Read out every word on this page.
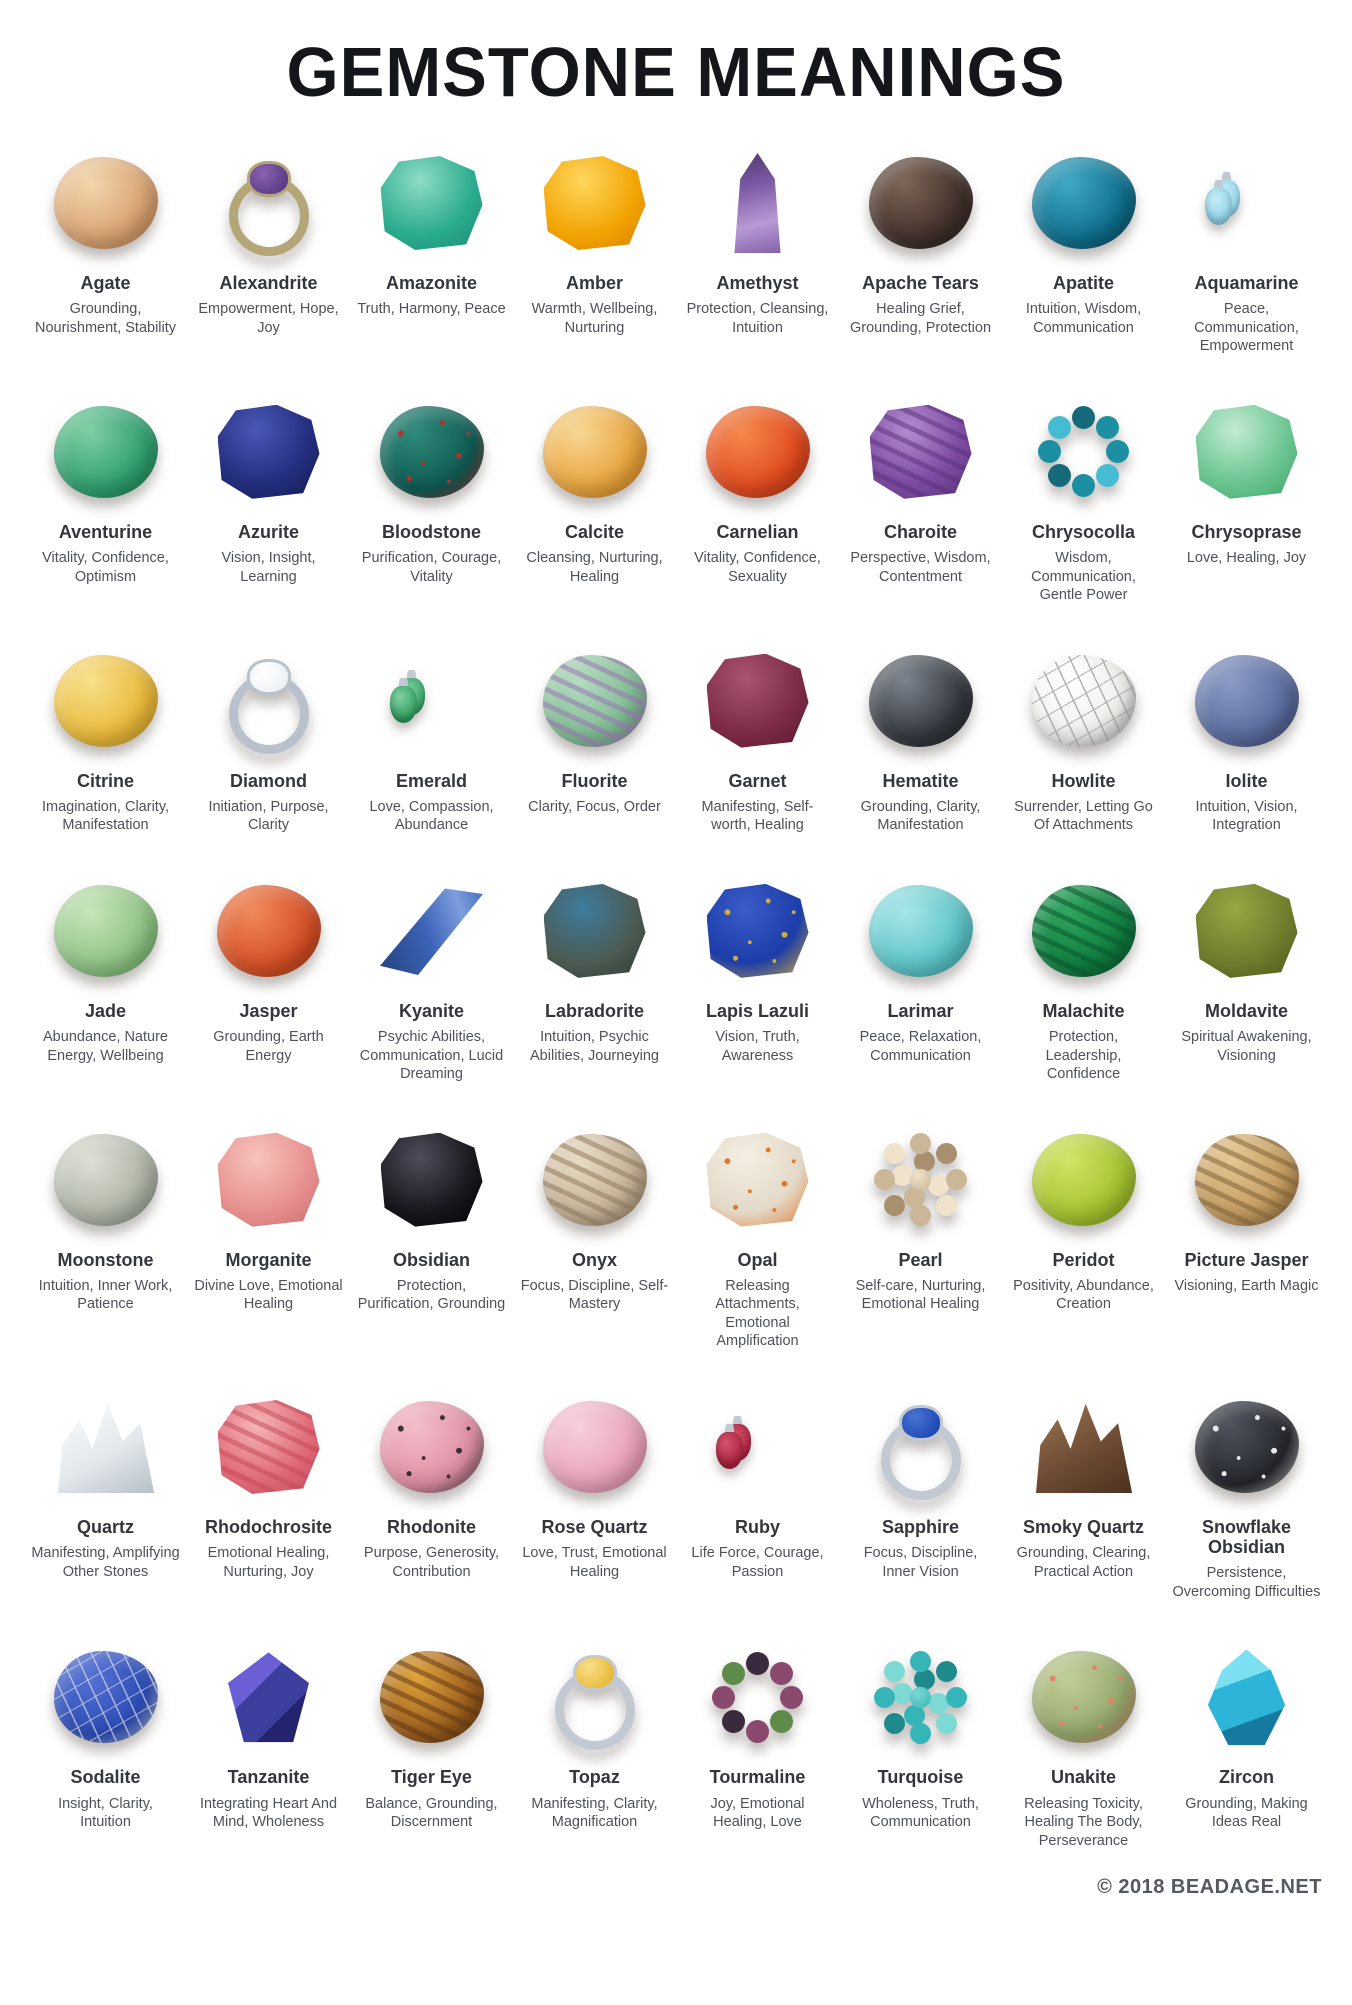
GEMSTONE MEANINGS
Agate
Grounding, Nourishment, Stability
Alexandrite
Empowerment, Hope, Joy
Amazonite
Truth, Harmony, Peace
Amber
Warmth, Wellbeing, Nurturing
Amethyst
Protection, Cleansing, Intuition
Apache Tears
Healing Grief, Grounding, Protection
Apatite
Intuition, Wisdom, Communication
Aquamarine
Peace, Communication, Empowerment
Aventurine
Vitality, Confidence, Optimism
Azurite
Vision, Insight, Learning
Bloodstone
Purification, Courage, Vitality
Calcite
Cleansing, Nurturing, Healing
Carnelian
Vitality, Confidence, Sexuality
Charoite
Perspective, Wisdom, Contentment
Chrysocolla
Wisdom, Communication, Gentle Power
Chrysoprase
Love, Healing, Joy
Citrine
Imagination, Clarity, Manifestation
Diamond
Initiation, Purpose, Clarity
Emerald
Love, Compassion, Abundance
Fluorite
Clarity, Focus, Order
Garnet
Manifesting, Self-worth, Healing
Hematite
Grounding, Clarity, Manifestation
Howlite
Surrender, Letting Go Of Attachments
Iolite
Intuition, Vision, Integration
Jade
Abundance, Nature Energy, Wellbeing
Jasper
Grounding, Earth Energy
Kyanite
Psychic Abilities, Communication, Lucid Dreaming
Labradorite
Intuition, Psychic Abilities, Journeying
Lapis Lazuli
Vision, Truth, Awareness
Larimar
Peace, Relaxation, Communication
Malachite
Protection, Leadership, Confidence
Moldavite
Spiritual Awakening, Visioning
Moonstone
Intuition, Inner Work, Patience
Morganite
Divine Love, Emotional Healing
Obsidian
Protection, Purification, Grounding
Onyx
Focus, Discipline, Self-Mastery
Opal
Releasing Attachments, Emotional Amplification
Pearl
Self-care, Nurturing, Emotional Healing
Peridot
Positivity, Abundance, Creation
Picture Jasper
Visioning, Earth Magic
Quartz
Manifesting, Amplifying Other Stones
Rhodochrosite
Emotional Healing, Nurturing, Joy
Rhodonite
Purpose, Generosity, Contribution
Rose Quartz
Love, Trust, Emotional Healing
Ruby
Life Force, Courage, Passion
Sapphire
Focus, Discipline, Inner Vision
Smoky Quartz
Grounding, Clearing, Practical Action
Snowflake Obsidian
Persistence, Overcoming Difficulties
Sodalite
Insight, Clarity, Intuition
Tanzanite
Integrating Heart And Mind, Wholeness
Tiger Eye
Balance, Grounding, Discernment
Topaz
Manifesting, Clarity, Magnification
Tourmaline
Joy, Emotional Healing, Love
Turquoise
Wholeness, Truth, Communication
Unakite
Releasing Toxicity, Healing The Body, Perseverance
Zircon
Grounding, Making Ideas Real
© 2018 BEADAGE.NET
